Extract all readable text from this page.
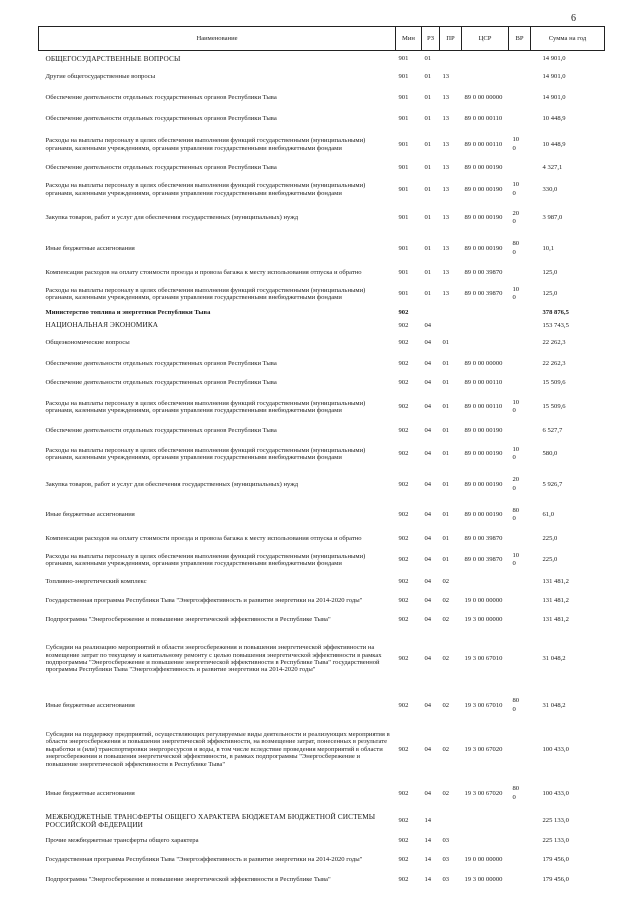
6
Наименование	Мин	РЗ	ПР	ЦСР	ВР	Сумма на год
ОБЩЕГОСУДАРСТВЕННЫЕ ВОПРОСЫ	901	01				14 901,0
Другие общегосударственные вопросы	901	01	13			14 901,0
Обеспечение деятельности отдельных государственных органов Республики Тыва	901	01	13	89 0 00 00000		14 901,0
Обеспечение деятельности отдельных государственных органов Республики Тыва	901	01	13	89 0 00 00110		10 448,9
Расходы на выплаты персоналу в целях обеспечения выполнения функций государственными (муниципальными) органами, казенными учреждениями, органами управления государственными внебюджетными фондами	901	01	13	89 0 00 00110	100	10 448,9
Обеспечение деятельности отдельных государственных органов Республики Тыва	901	01	13	89 0 00 00190		4 327,1
Расходы на выплаты персоналу в целях обеспечения выполнения функций государственными (муниципальными) органами, казенными учреждениями, органами управления государственными внебюджетными фондами	901	01	13	89 0 00 00190	100	330,0
Закупка товаров, работ и услуг для обеспечения государственных (муниципальных) нужд	901	01	13	89 0 00 00190	200	3 987,0
Иные бюджетные ассигнования	901	01	13	89 0 00 00190	800	10,1
Компенсация расходов на оплату стоимости проезда и провоза багажа к месту использования отпуска и обратно	901	01	13	89 0 00 39870		125,0
Расходы на выплаты персоналу в целях обеспечения выполнения функций государственными (муниципальными) органами, казенными учреждениями, органами управления государственными внебюджетными фондами	901	01	13	89 0 00 39870	100	125,0
Министерство топлива и энергетики Республики Тыва	902					378 876,5
НАЦИОНАЛЬНАЯ ЭКОНОМИКА	902	04				153 743,5
Общеэкономические вопросы	902	04	01			22 262,3
Обеспечение деятельности отдельных государственных органов Республики Тыва	902	04	01	89 0 00 00000		22 262,3
Обеспечение деятельности отдельных государственных органов Республики Тыва	902	04	01	89 0 00 00110		15 509,6
Расходы на выплаты персоналу в целях обеспечения выполнения функций государственными (муниципальными) органами, казенными учреждениями, органами управления государственными внебюджетными фондами	902	04	01	89 0 00 00110	100	15 509,6
Обеспечение деятельности отдельных государственных органов Республики Тыва	902	04	01	89 0 00 00190		6 527,7
Расходы на выплаты персоналу в целях обеспечения выполнения функций государственными (муниципальными) органами, казенными учреждениями, органами управления государственными внебюджетными фондами	902	04	01	89 0 00 00190	100	580,0
Закупка товаров, работ и услуг для обеспечения государственных (муниципальных) нужд	902	04	01	89 0 00 00190	200	5 926,7
Иные бюджетные ассигнования	902	04	01	89 0 00 00190	800	61,0
Компенсация расходов на оплату стоимости проезда и провоза багажа к месту использования отпуска и обратно	902	04	01	89 0 00 39870		225,0
Расходы на выплаты персоналу в целях обеспечения выполнения функций государственными (муниципальными) органами, казенными учреждениями, органами управления государственными внебюджетными фондами	902	04	01	89 0 00 39870	100	225,0
Топливно-энергетический комплекс	902	04	02			131 481,2
Государственная программа Республики Тыва "Энергоэффективность и развитие энергетики на 2014-2020 годы"	902	04	02	19 0 00 00000		131 481,2
Подпрограмма "Энергосбережение и повышение энергетической эффективности в Республике Тыва"	902	04	02	19 3 00 00000		131 481,2

Субсидии на реализацию мероприятий в области энергосбережения и повышения энергетической эффективности на возмещение затрат по текущему и капитальному ремонту с целью повышения энергетической эффективности в рамках подпрограммы "Энергосбережение и повышение энергетической эффективности в Республике Тыва" государственной программы Республики Тыва "Энергоэффективность и развитие энергетики на 2014-2020 годы"	902	04	02	19 3 00 67010		31 048,2
Иные бюджетные ассигнования	902	04	02	19 3 00 67010	800	31 048,2

Субсидии на поддержку предприятий, осуществляющих регулируемые виды деятельности и реализующих мероприятия в области энергосбережения и повышения энергетической эффективности, на возмещение затрат, понесенных в результате выработки и (или) транспортировки энергоресурсов и воды, в том числе вследствие проведения мероприятий в области энергосбережения и повышения энергетической эффективности, в рамках подпрограммы "Энергосбережение и повышение энергетической эффективности в Республике Тыва"	902	04	02	19 3 00 67020		100 433,0
Иные бюджетные ассигнования	902	04	02	19 3 00 67020	800	100 433,0
МЕЖБЮДЖЕТНЫЕ ТРАНСФЕРТЫ ОБЩЕГО ХАРАКТЕРА БЮДЖЕТАМ БЮДЖЕТНОЙ СИСТЕМЫ РОССИЙСКОЙ ФЕДЕРАЦИИ	902	14				225 133,0
Прочие межбюджетные трансферты общего характера	902	14	03			225 133,0
Государственная программа Республики Тыва "Энергоэффективность и развитие энергетики на 2014-2020 годы"	902	14	03	19 0 00 00000		179 456,0
Подпрограмма "Энергосбережение и повышение энергетической эффективности в Республике Тыва"	902	14	03	19 3 00 00000		179 456,0
